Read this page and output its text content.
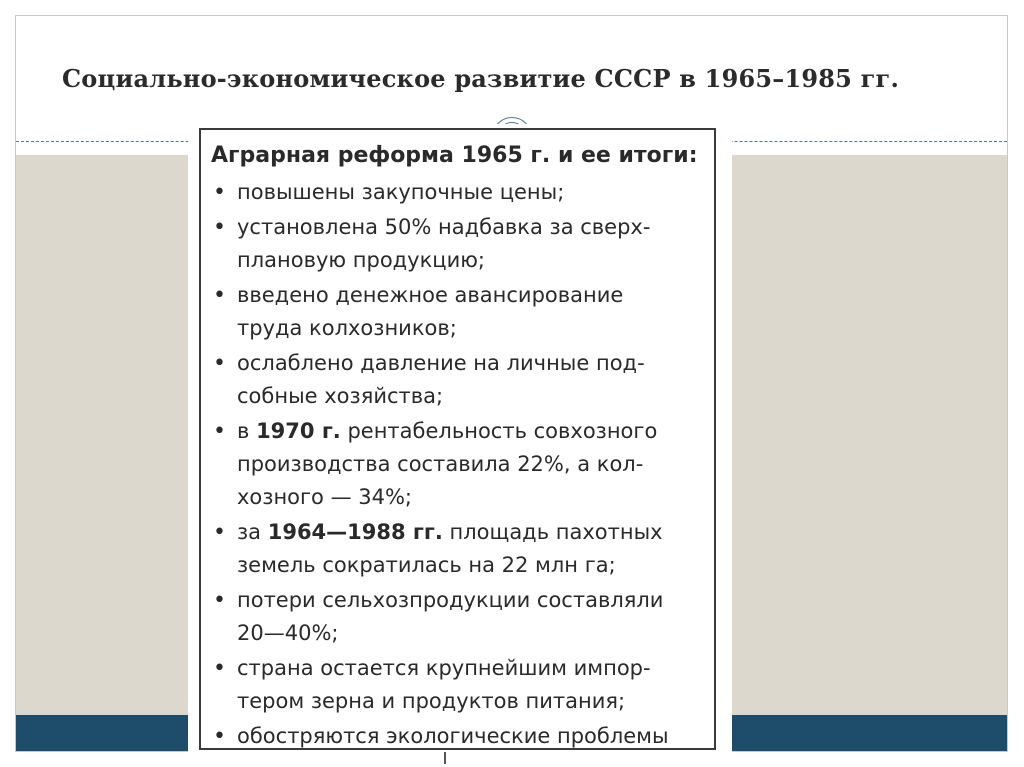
Социально-экономическое развитие СССР в 1965–1985 гг.
Аграрная реформа 1965 г. и ее итоги:
• повышены закупочные цены;
• установлена 50% надбавка за сверх-
плановую продукцию;
• введено денежное авансирование
труда колхозников;
• ослаблено давление на личные под-
собные хозяйства;
• в 1970 г. рентабельность совхозного
производства составила 22%, а кол-
хозного — 34%;
• за 1964—1988 гг. площадь пахотных
земель сократилась на 22 млн га;
• потери сельхозпродукции составляли
20—40%;
• страна остается крупнейшим импор-
тером зерна и продуктов питания;
• обостряются экологические проблемы
